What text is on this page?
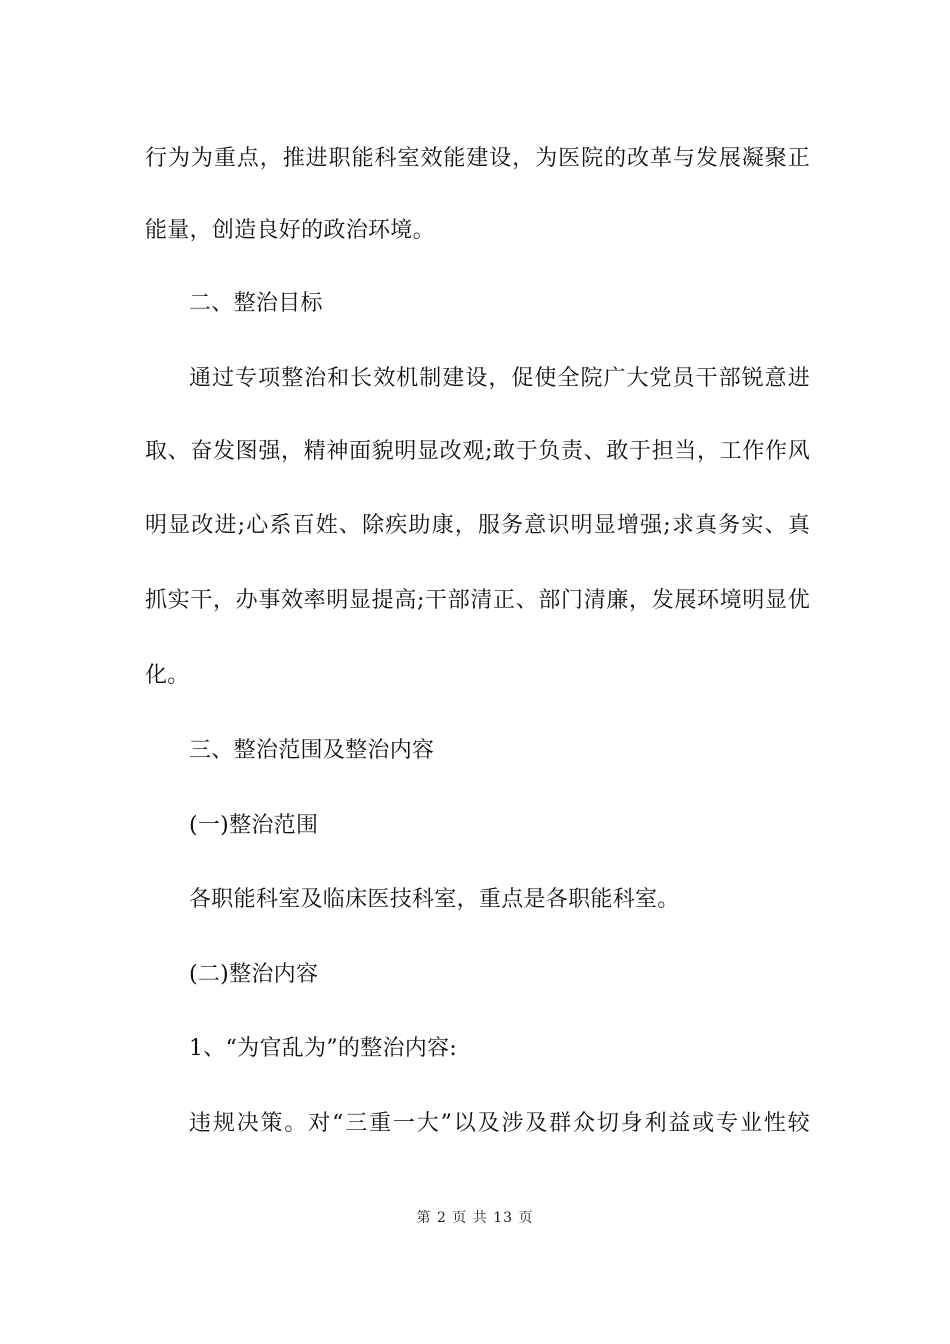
行为为重点，推进职能科室效能建设，为医院的改革与发展凝聚正
能量，创造良好的政治环境。
二、整治目标
通过专项整治和长效机制建设，促使全院广大党员干部锐意进
取、奋发图强，精神面貌明显改观;敢于负责、敢于担当，工作作风
明显改进;心系百姓、除疾助康，服务意识明显增强;求真务实、真
抓实干，办事效率明显提高;干部清正、部门清廉，发展环境明显优
化。
三、整治范围及整治内容
(一)整治范围
各职能科室及临床医技科室，重点是各职能科室。
(二)整治内容
1、“为官乱为”的整治内容:
违规决策。对“三重一大”以及涉及群众切身利益或专业性较
第 2 页 共 13 页
